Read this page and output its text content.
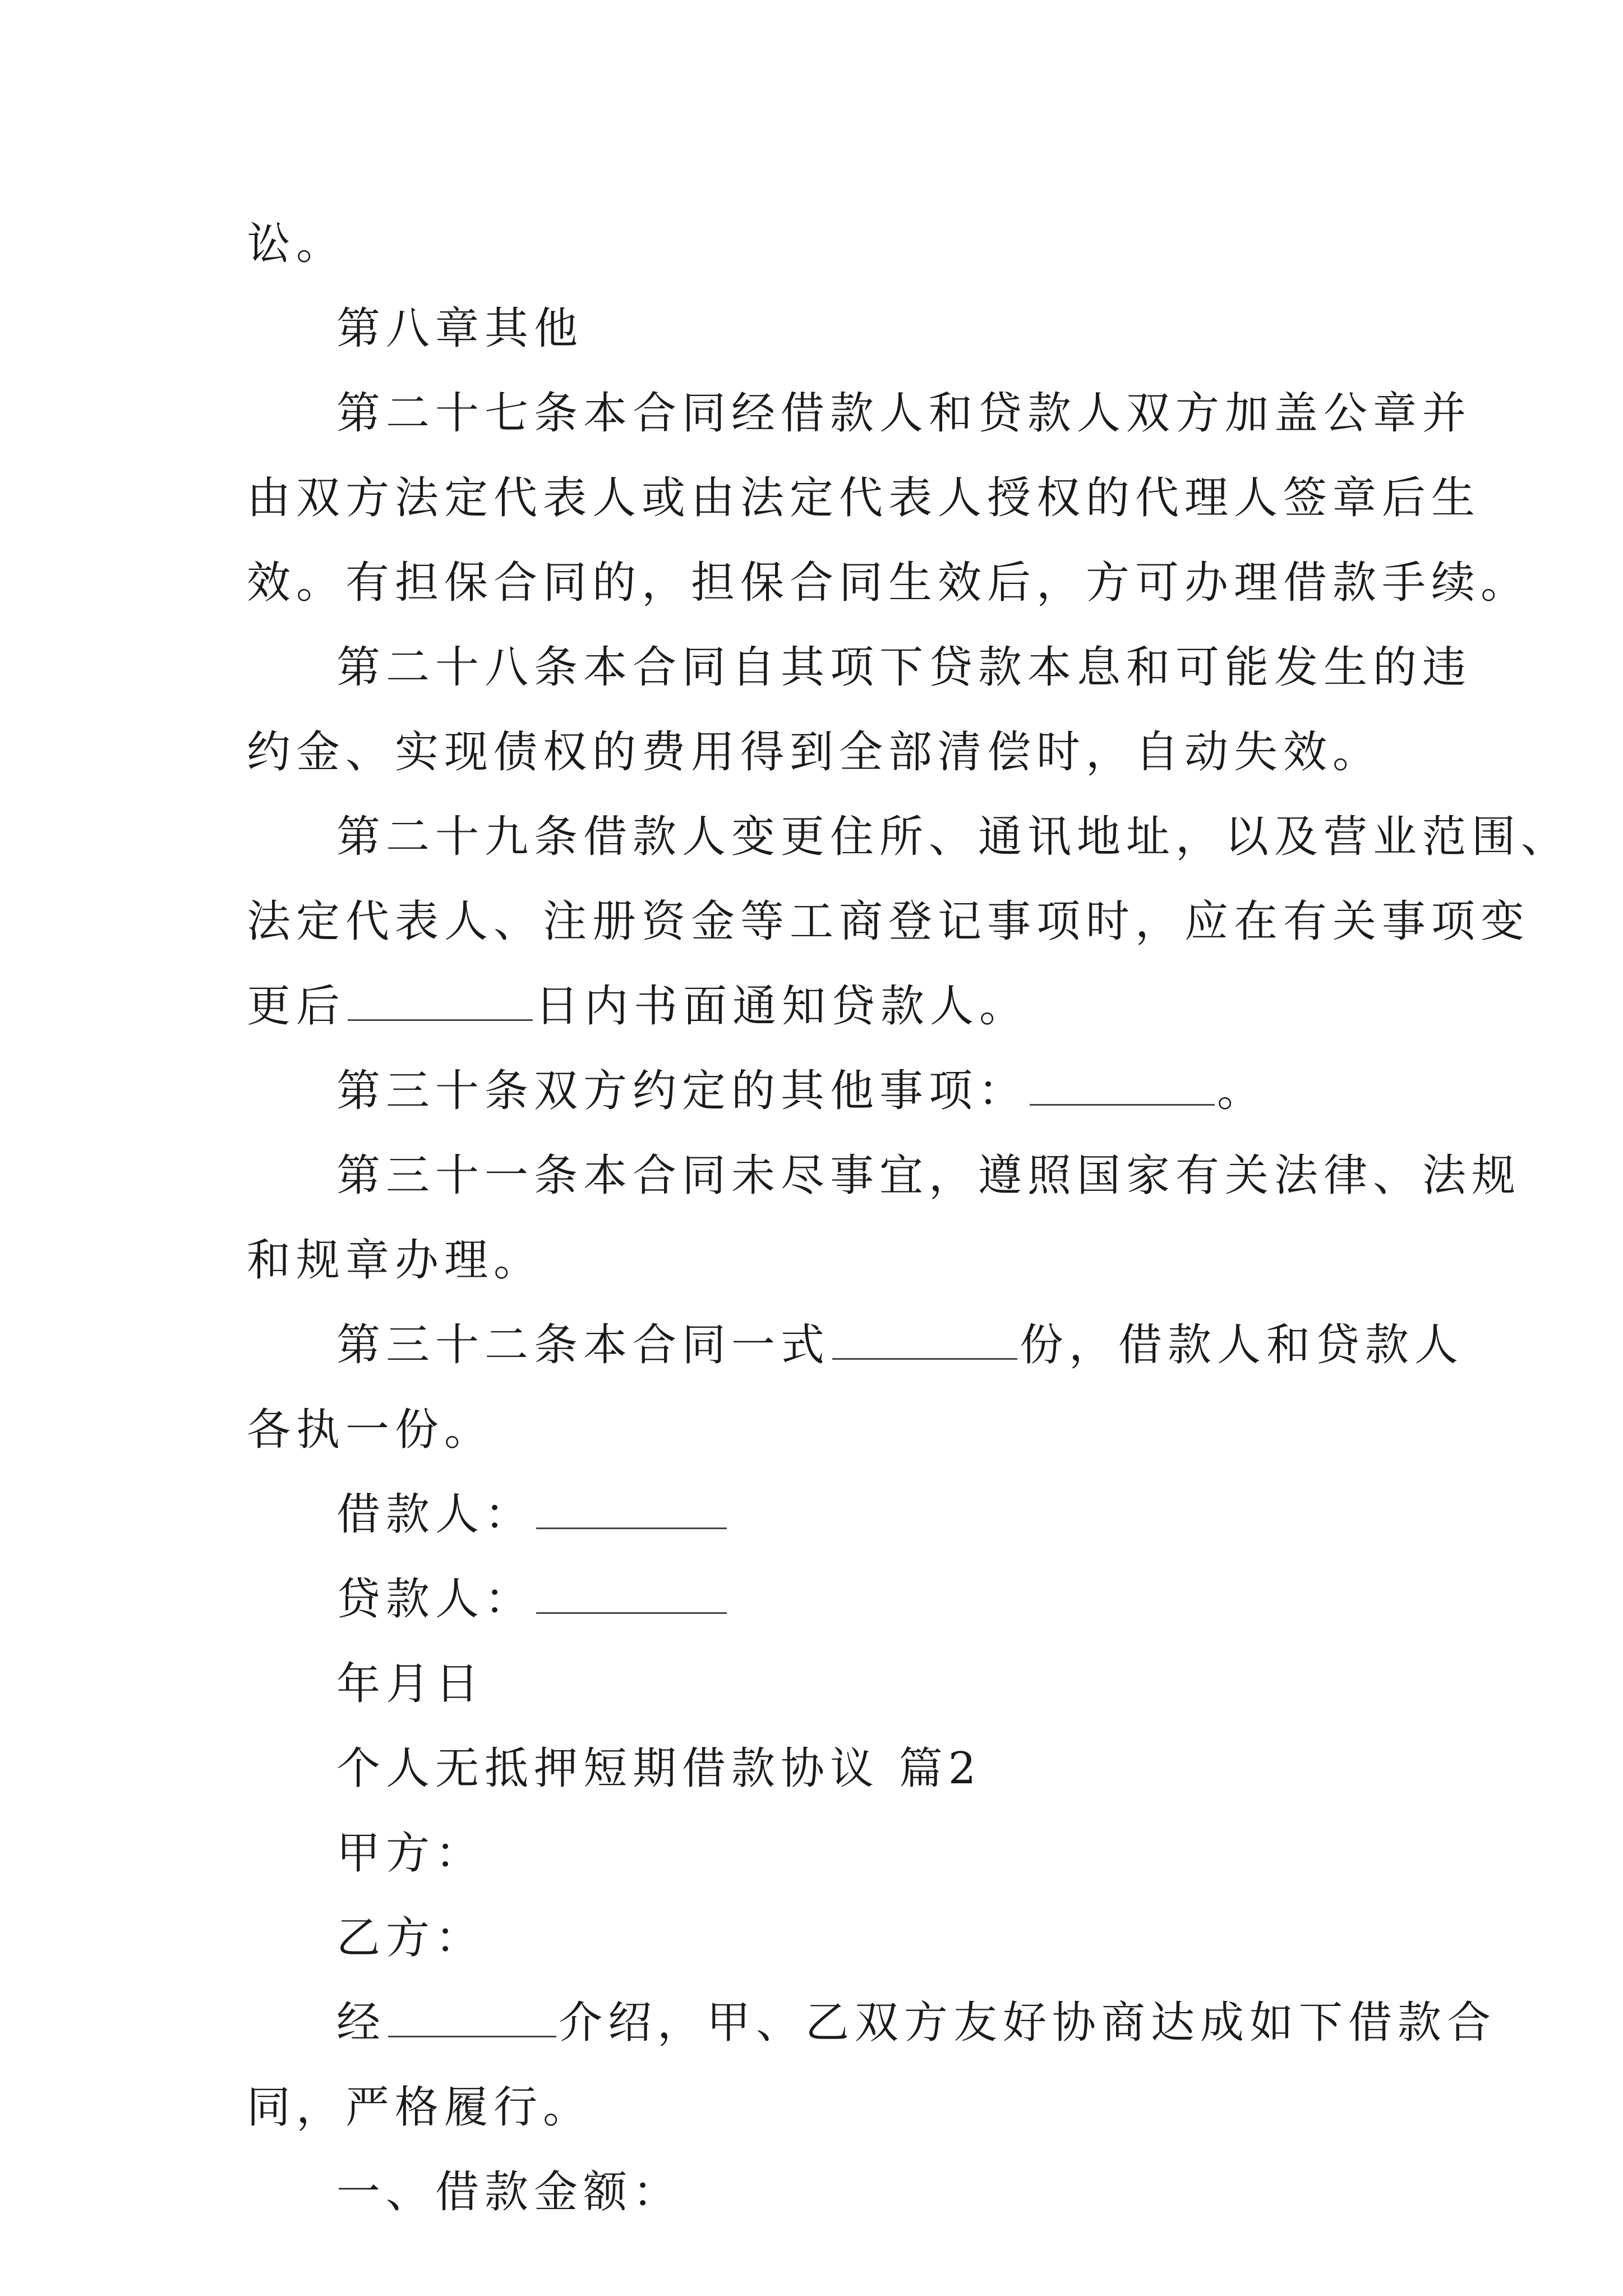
讼。
第八章其他
第二十七条本合同经借款人和贷款人双方加盖公章并
由双方法定代表人或由法定代表人授权的代理人签章后生
效。有担保合同的，担保合同生效后，方可办理借款手续。
第二十八条本合同自其项下贷款本息和可能发生的违
约金、实现债权的费用得到全部清偿时，自动失效。
第二十九条借款人变更住所、通讯地址，以及营业范围、
法定代表人、注册资金等工商登记事项时，应在有关事项变
更后	日内书面通知贷款人。
第三十条双方约定的其他事项：	。
第三十一条本合同未尽事宜，遵照国家有关法律、法规
和规章办理。
第三十二条本合同一式	份，借款人和贷款人
各执一份。
借款人：
贷款人：
年月日
个人无抵押短期借款协议 篇2
甲方：
乙方：
经	介绍，甲、乙双方友好协商达成如下借款合
同，严格履行。
一、借款金额：
